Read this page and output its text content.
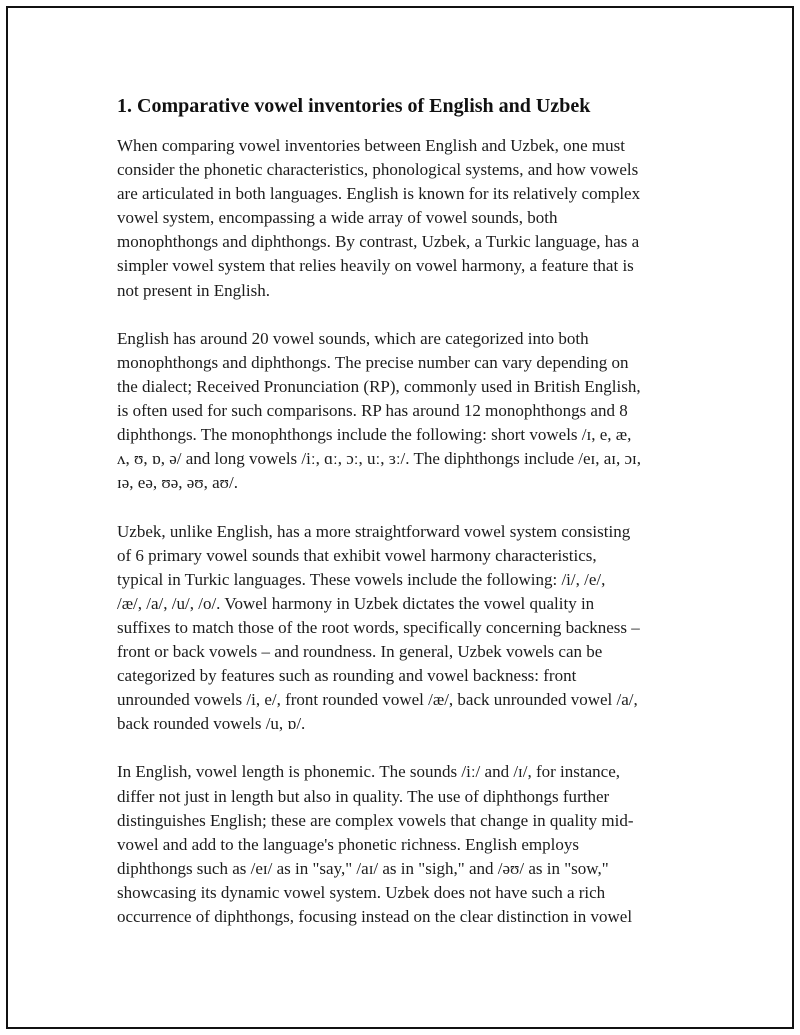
1. Comparative vowel inventories of English and Uzbek

When comparing vowel inventories between English and Uzbek, one must
consider the phonetic characteristics, phonological systems, and how vowels
are articulated in both languages. English is known for its relatively complex
vowel system, encompassing a wide array of vowel sounds, both
monophthongs and diphthongs. By contrast, Uzbek, a Turkic language, has a
simpler vowel system that relies heavily on vowel harmony, a feature that is
not present in English.

English has around 20 vowel sounds, which are categorized into both
monophthongs and diphthongs. The precise number can vary depending on
the dialect; Received Pronunciation (RP), commonly used in British English,
is often used for such comparisons. RP has around 12 monophthongs and 8
diphthongs. The monophthongs include the following: short vowels /ɪ, e, æ,
ʌ, ʊ, ɒ, ə/ and long vowels /iː, ɑː, ɔː, uː, ɜː/. The diphthongs include /eɪ, aɪ, ɔɪ,
ɪə, eə, ʊə, əʊ, aʊ/.

Uzbek, unlike English, has a more straightforward vowel system consisting
of 6 primary vowel sounds that exhibit vowel harmony characteristics,
typical in Turkic languages. These vowels include the following: /i/, /e/,
/æ/, /a/, /u/, /o/. Vowel harmony in Uzbek dictates the vowel quality in
suffixes to match those of the root words, specifically concerning backness –
front or back vowels – and roundness. In general, Uzbek vowels can be
categorized by features such as rounding and vowel backness: front
unrounded vowels /i, e/, front rounded vowel /æ/, back unrounded vowel /a/,
back rounded vowels /u, ɒ/.

In English, vowel length is phonemic. The sounds /iː/ and /ɪ/, for instance,
differ not just in length but also in quality. The use of diphthongs further
distinguishes English; these are complex vowels that change in quality mid-
vowel and add to the language's phonetic richness. English employs
diphthongs such as /eɪ/ as in "say," /aɪ/ as in "sigh," and /əʊ/ as in "sow,"
showcasing its dynamic vowel system. Uzbek does not have such a rich
occurrence of diphthongs, focusing instead on the clear distinction in vowel
